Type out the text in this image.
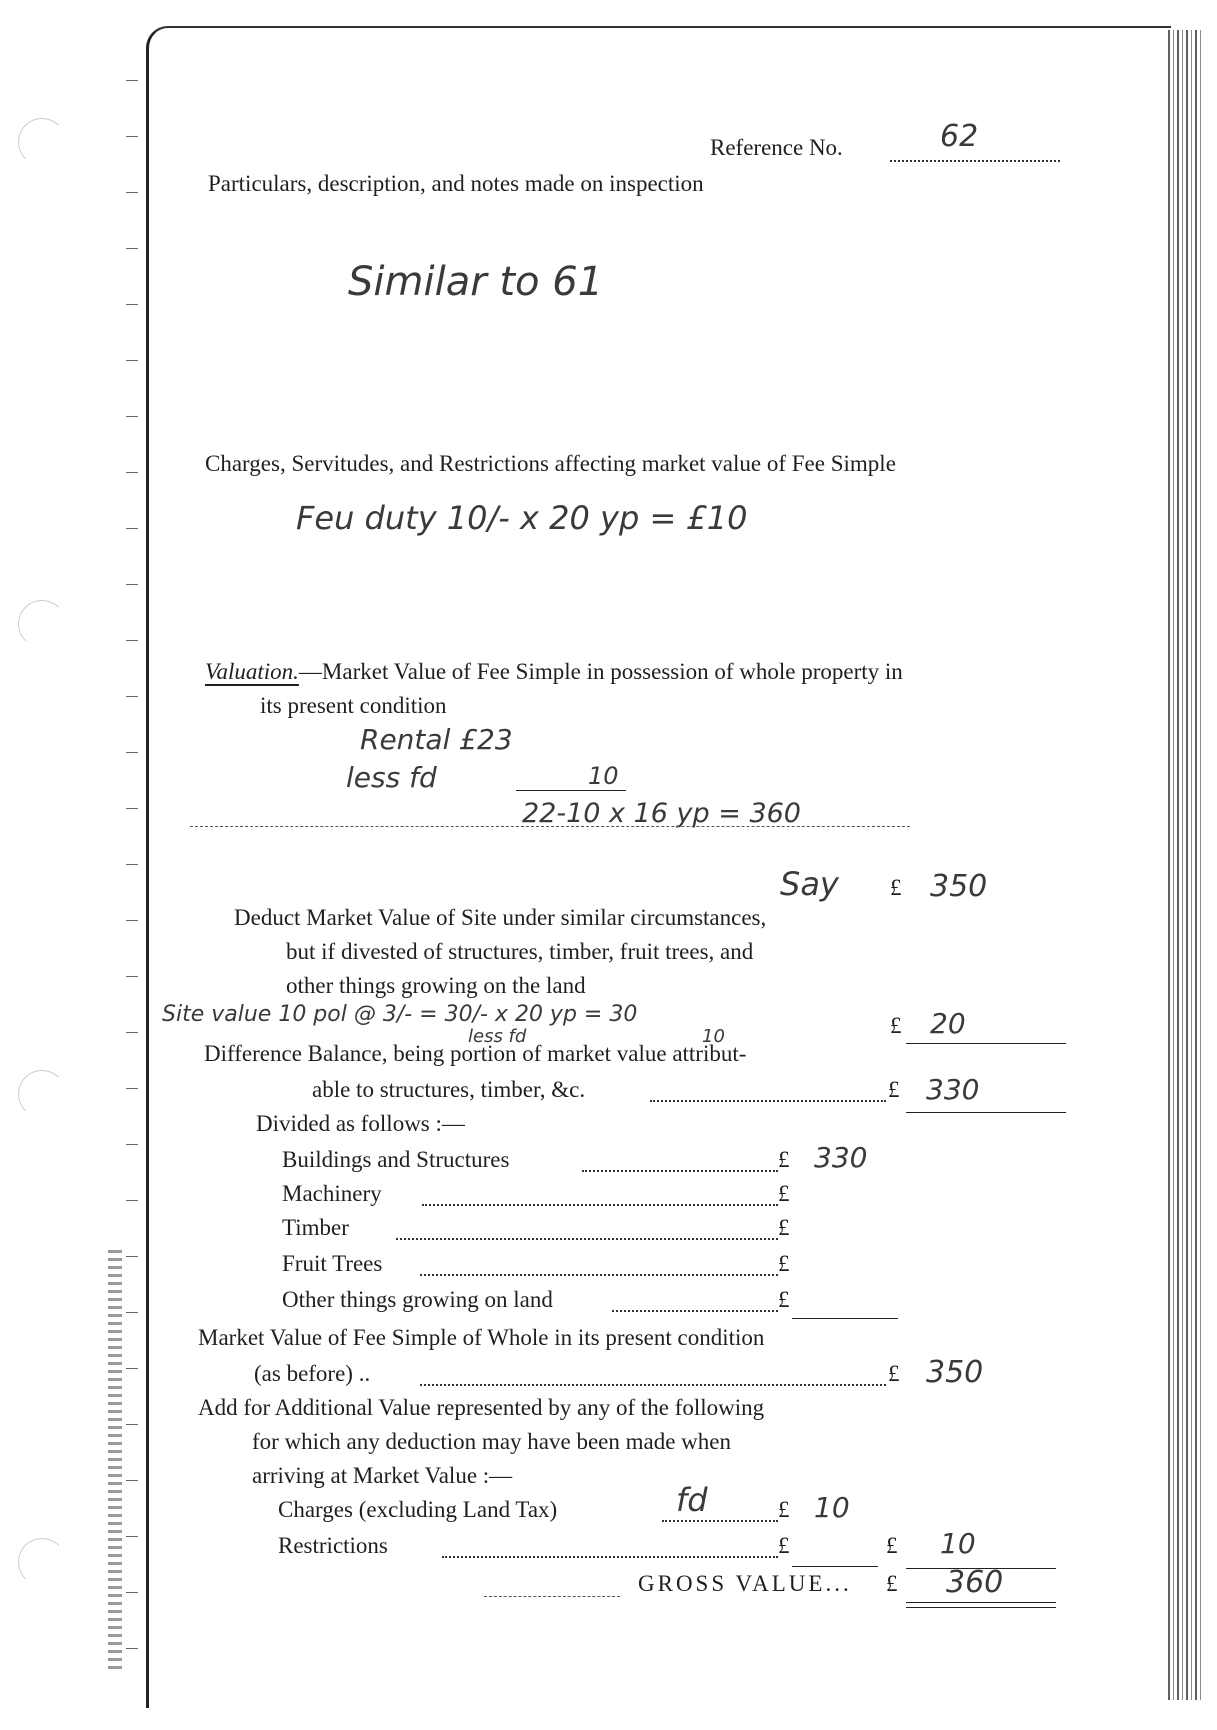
Reference No.	62
Particulars, description, and notes made on inspection
Similar to 61
Charges, Servitudes, and Restrictions affecting market value of Fee Simple
Feu duty 10/- x 20 yp = £10
Valuation.—Market Value of Fee Simple in possession of whole property in
its present condition
Rental £23
less fd	10
22-10 x 16 yp = 360
Say £ 350
Deduct Market Value of Site under similar circumstances,
but if divested of structures, timber, fruit trees, and
other things growing on the land
Site value 10 pol @ 3/- = 30/- x 20 yp = 30
less fd	10	£ 20
Difference Balance, being portion of market value attribut-
able to structures, timber, &c.	£ 330
Divided as follows :—
Buildings and Structures	£ 330
Machinery	£
Timber	£
Fruit Trees	£
Other things growing on land	£
Market Value of Fee Simple of Whole in its present condition
(as before) ..	£ 350
Add for Additional Value represented by any of the following
for which any deduction may have been made when
arriving at Market Value :—
Charges (excluding Land Tax)	fd	£ 10
Restrictions	£	£ 10
GROSS VALUE... £ 360
